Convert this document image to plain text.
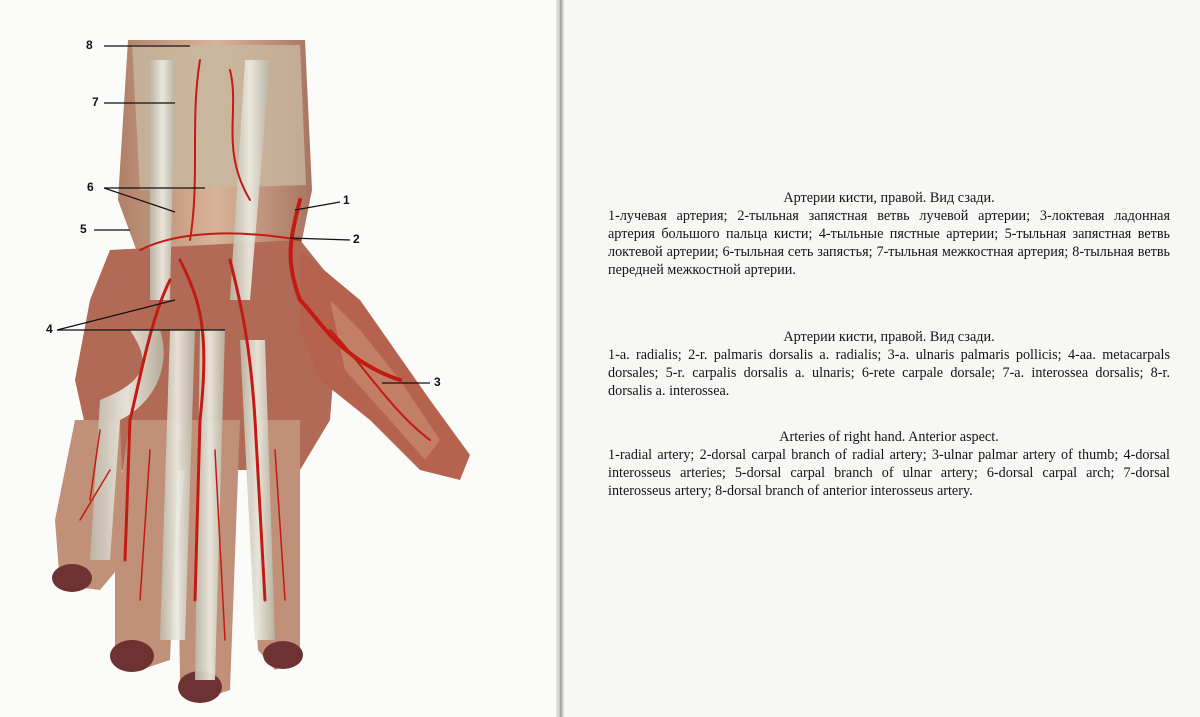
8
7
6
5
4
1
2
3
Артерии кисти, правой. Вид сзади.
1-лучевая артерия; 2-тыльная запястная ветвь лучевой артерии; 3-локтевая ладонная артерия большого пальца кисти; 4-тыльные пястные артерии; 5-тыльная запястная ветвь локтевой артерии; 6-тыльная сеть запястья; 7-тыльная межкостная артерия; 8-тыльная ветвь передней межкостной артерии.
Артерии кисти, правой. Вид сзади.
1-a. radialis; 2-r. palmaris dorsalis a. radialis; 3-a. ulnaris palmaris pollicis; 4-aa. metacarpals dorsales; 5-r. carpalis dorsalis a. ulnaris; 6-rete carpale dorsale; 7-a. interossea dorsalis; 8-r. dorsalis a. interossea.
Arteries of right hand. Anterior aspect.
1-radial artery; 2-dorsal carpal branch of radial artery; 3-ulnar palmar artery of thumb; 4-dorsal interosseus arteries; 5-dorsal carpal branch of ulnar artery; 6-dorsal carpal arch; 7-dorsal interosseus artery; 8-dorsal branch of anterior interosseus artery.
